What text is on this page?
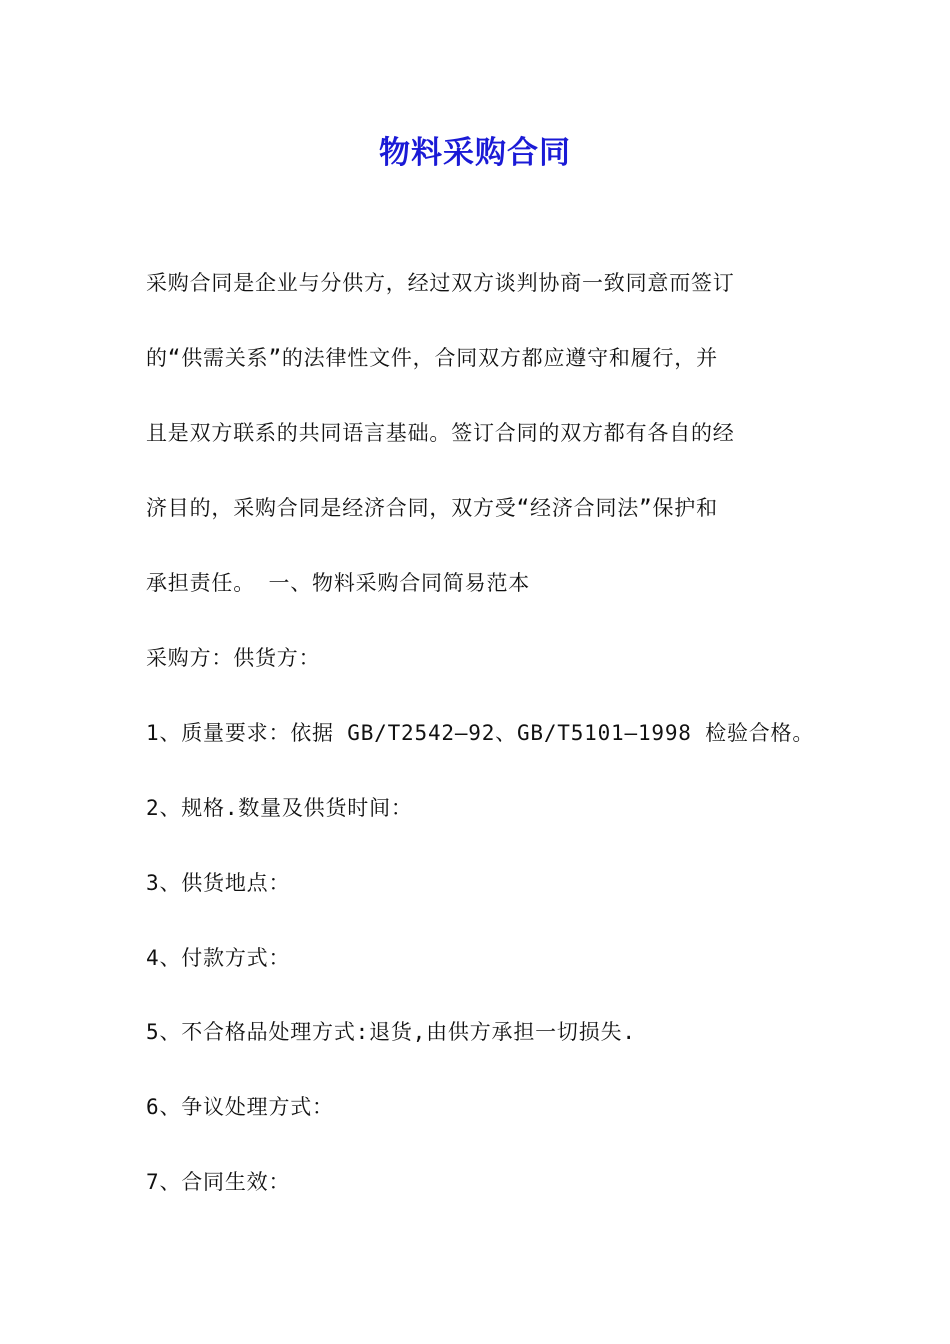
物料采购合同
采购合同是企业与分供方，经过双方谈判协商一致同意而签订
的“供需关系”的法律性文件，合同双方都应遵守和履行，并
且是双方联系的共同语言基础。签订合同的双方都有各自的经
济目的，采购合同是经济合同，双方受“经济合同法”保护和
承担责任。 一、物料采购合同简易范本
采购方：供货方：
1、质量要求：依据 GB/T2542—92、GB/T5101—1998 检验合格。
2、规格.数量及供货时间：
3、供货地点：
4、付款方式：
5、不合格品处理方式:退货,由供方承担一切损失.
6、争议处理方式：
7、合同生效：
